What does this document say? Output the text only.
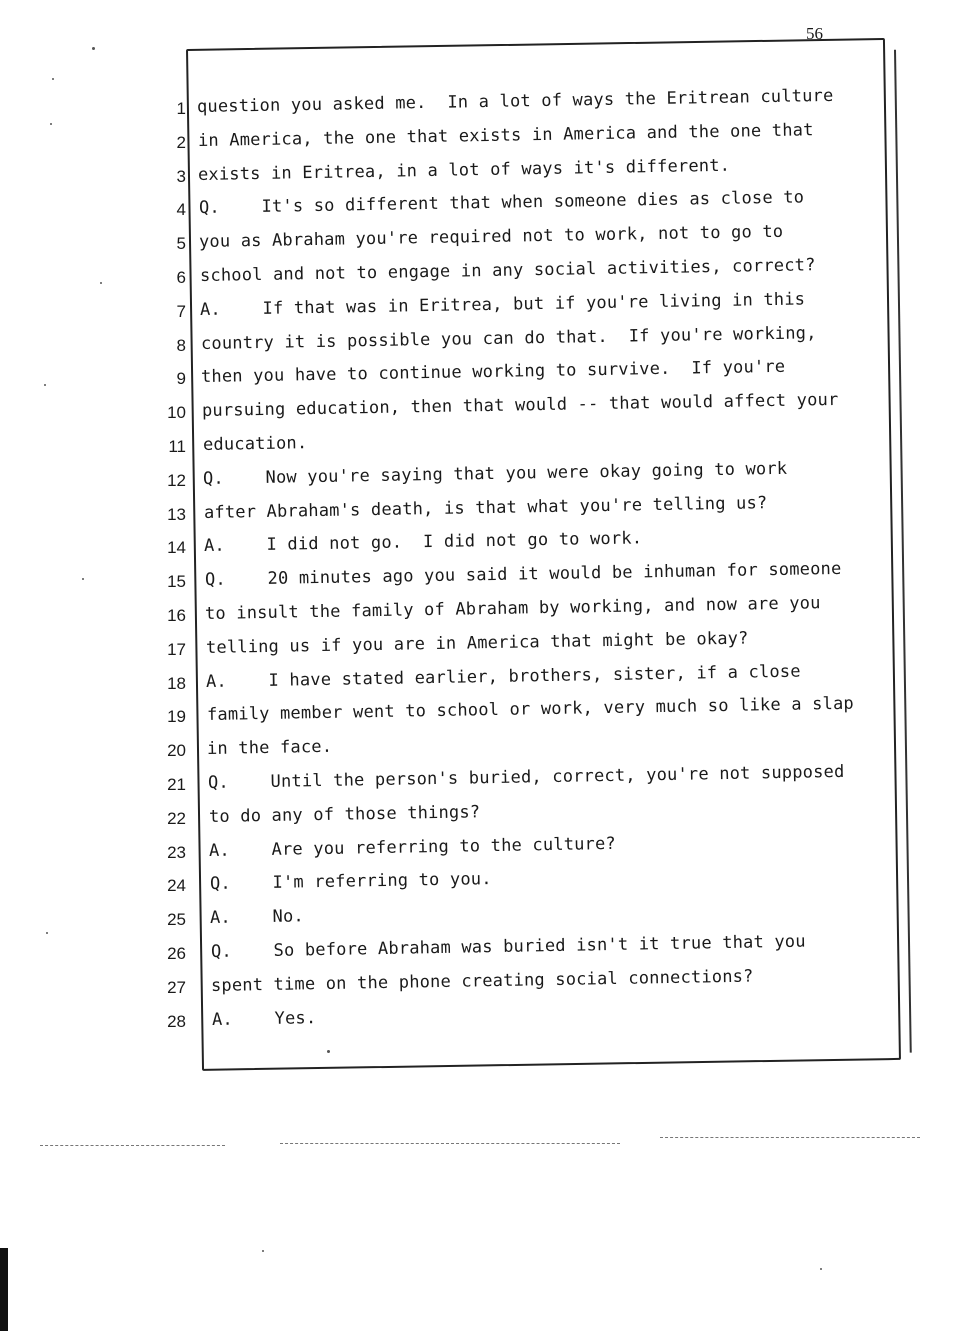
56
1 question you asked me.  In a lot of ways the Eritrean culture
2 in America, the one that exists in America and the one that
3 exists in Eritrea, in a lot of ways it's different.
4 Q.    It's so different that when someone dies as close to
5 you as Abraham you're required not to work, not to go to
6 school and not to engage in any social activities, correct?
7 A.    If that was in Eritrea, but if you're living in this
8 country it is possible you can do that.  If you're working,
9 then you have to continue working to survive.  If you're
10 pursuing education, then that would -- that would affect your
11 education.
12 Q.    Now you're saying that you were okay going to work
13 after Abraham's death, is that what you're telling us?
14 A.    I did not go.  I did not go to work.
15 Q.    20 minutes ago you said it would be inhuman for someone
16 to insult the family of Abraham by working, and now are you
17 telling us if you are in America that might be okay?
18 A.    I have stated earlier, brothers, sister, if a close
19 family member went to school or work, very much so like a slap
20 in the face.
21 Q.    Until the person's buried, correct, you're not supposed
22 to do any of those things?
23 A.    Are you referring to the culture?
24 Q.    I'm referring to you.
25 A.    No.
26 Q.    So before Abraham was buried isn't it true that you
27 spent time on the phone creating social connections?
28 A.    Yes.
